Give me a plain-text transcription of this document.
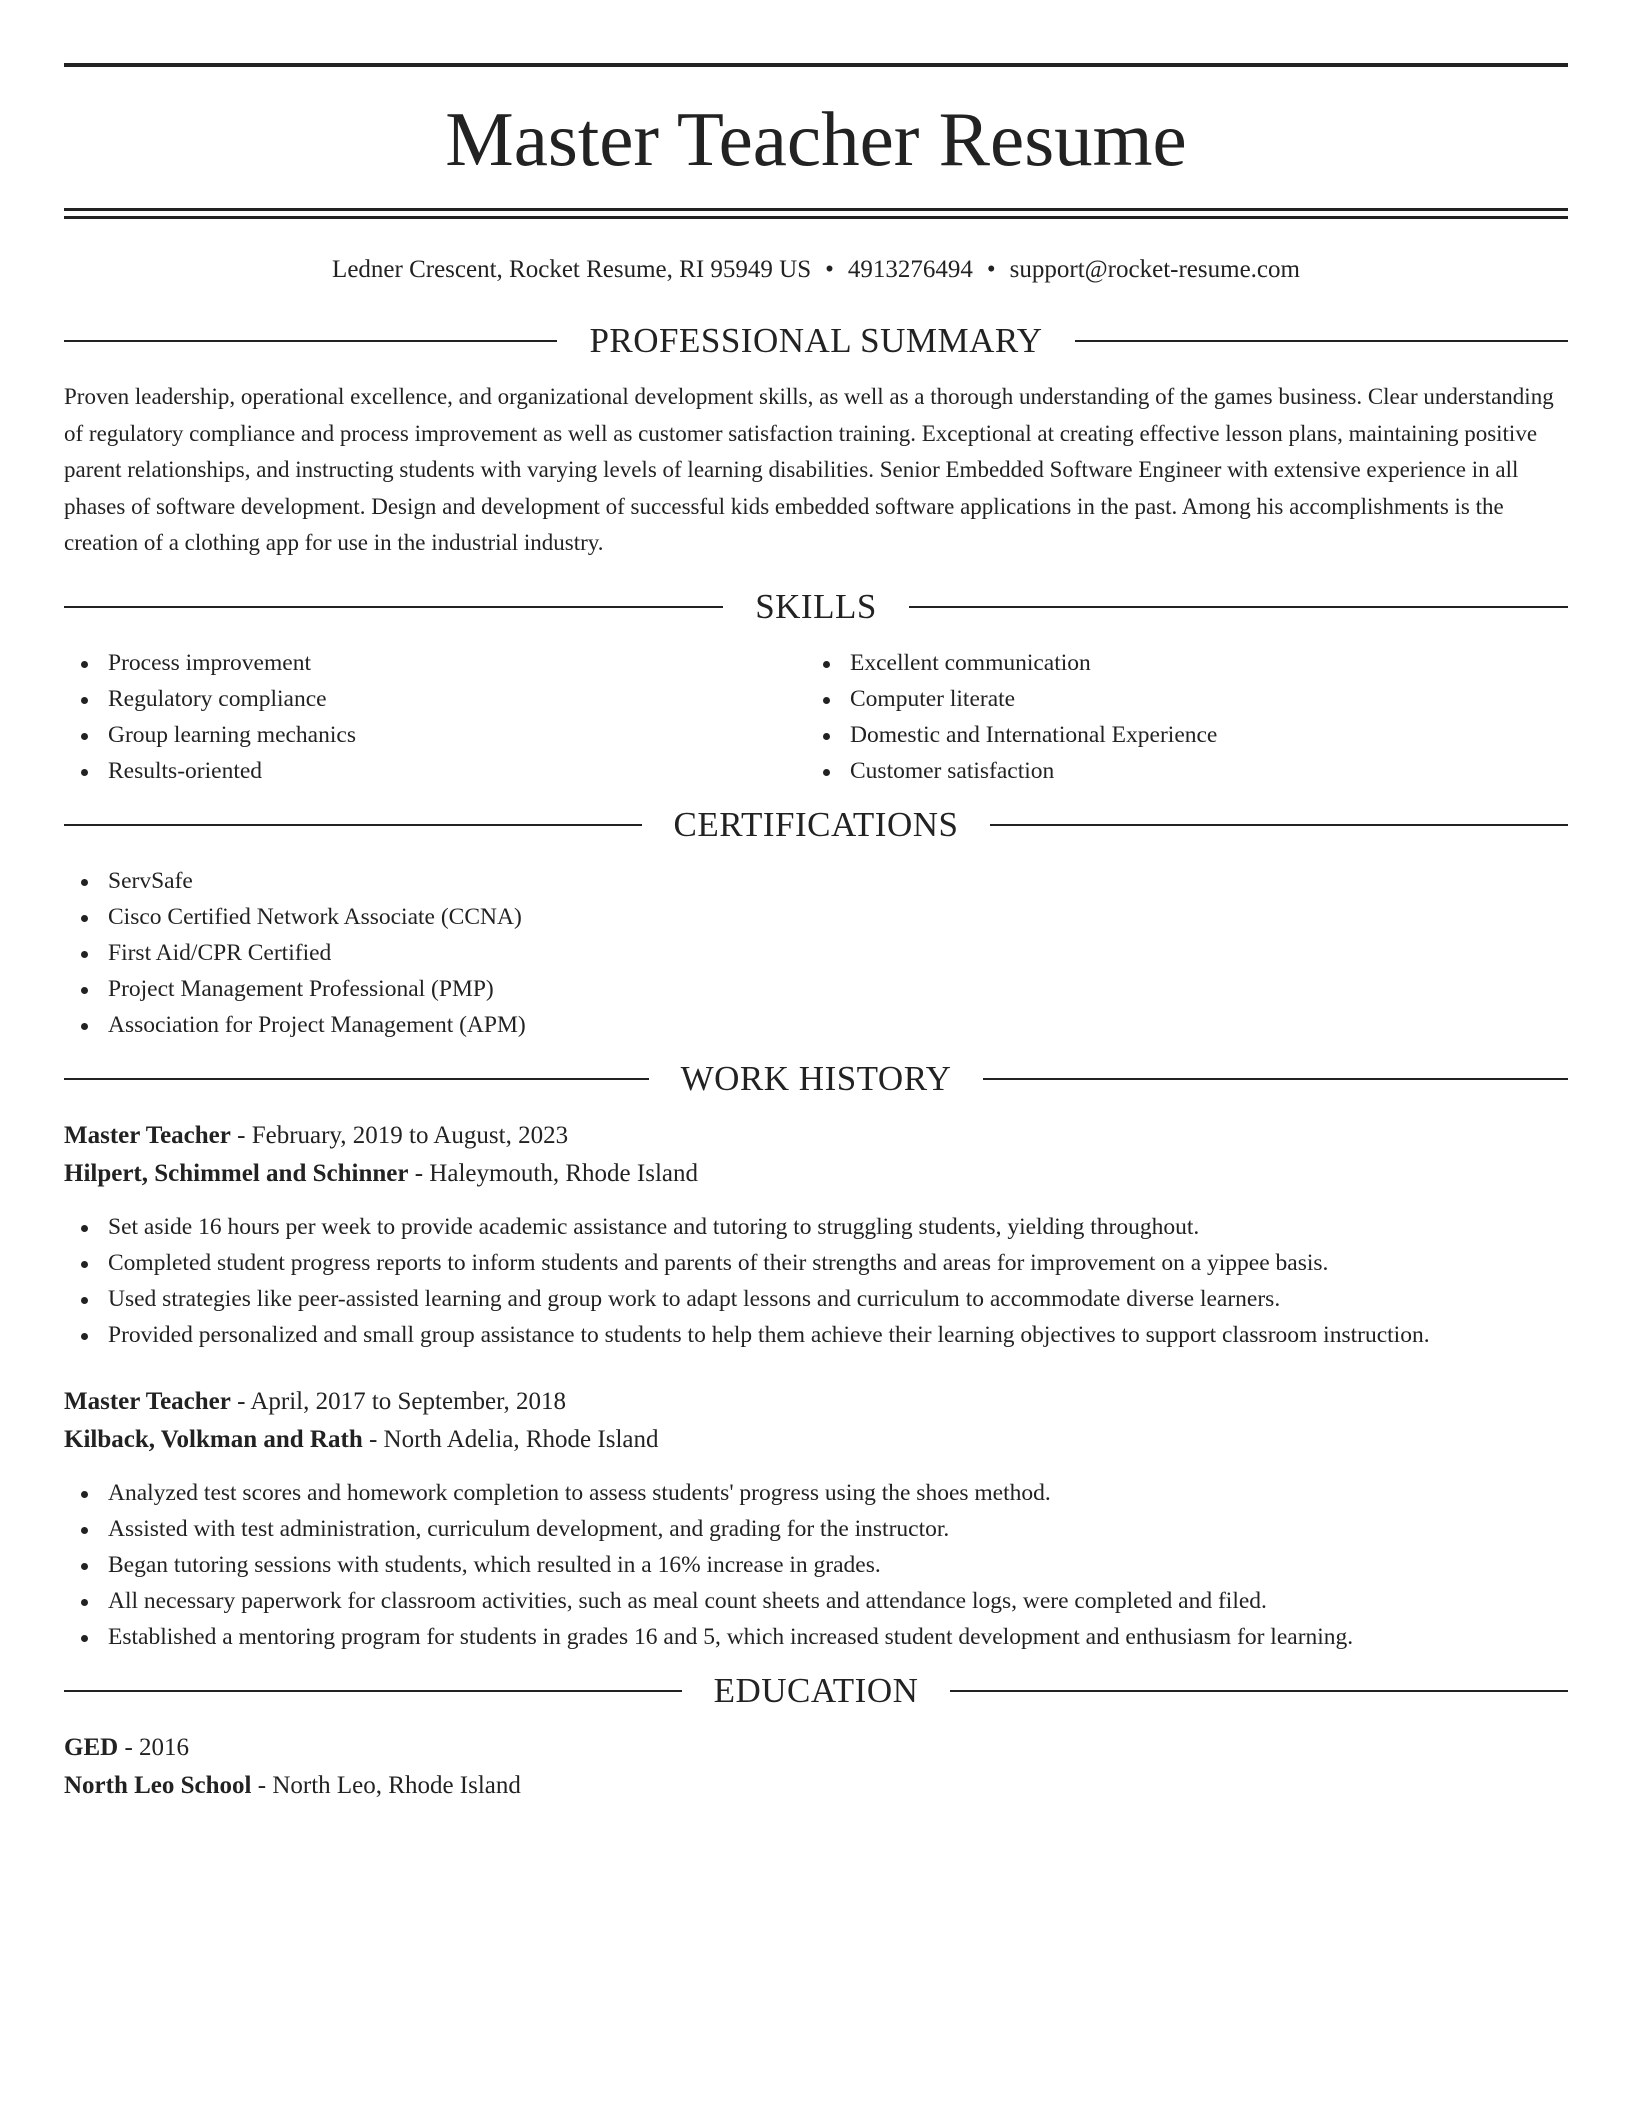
Master Teacher Resume
Ledner Crescent, Rocket Resume, RI 95949 US • 4913276494 • support@rocket-resume.com
PROFESSIONAL SUMMARY

Proven leadership, operational excellence, and organizational development skills, as well as a thorough understanding of the games business. Clear understanding of regulatory compliance and process improvement as well as customer satisfaction training. Exceptional at creating effective lesson plans, maintaining positive parent relationships, and instructing students with varying levels of learning disabilities. Senior Embedded Software Engineer with extensive experience in all phases of software development. Design and development of successful kids embedded software applications in the past. Among his accomplishments is the creation of a clothing app for use in the industrial industry.

SKILLS
Process improvement
Regulatory compliance
Group learning mechanics
Results-oriented
Excellent communication
Computer literate
Domestic and International Experience
Customer satisfaction
CERTIFICATIONS
ServSafe
Cisco Certified Network Associate (CCNA)
First Aid/CPR Certified
Project Management Professional (PMP)
Association for Project Management (APM)
WORK HISTORY
Master Teacher - February, 2019 to August, 2023
Hilpert, Schimmel and Schinner - Haleymouth, Rhode Island
Set aside 16 hours per week to provide academic assistance and tutoring to struggling students, yielding throughout.
Completed student progress reports to inform students and parents of their strengths and areas for improvement on a yippee basis.
Used strategies like peer-assisted learning and group work to adapt lessons and curriculum to accommodate diverse learners.
Provided personalized and small group assistance to students to help them achieve their learning objectives to support classroom instruction.
Master Teacher - April, 2017 to September, 2018
Kilback, Volkman and Rath - North Adelia, Rhode Island
Analyzed test scores and homework completion to assess students' progress using the shoes method.
Assisted with test administration, curriculum development, and grading for the instructor.
Began tutoring sessions with students, which resulted in a 16% increase in grades.
All necessary paperwork for classroom activities, such as meal count sheets and attendance logs, were completed and filed.
Established a mentoring program for students in grades 16 and 5, which increased student development and enthusiasm for learning.
EDUCATION
GED - 2016
North Leo School - North Leo, Rhode Island
